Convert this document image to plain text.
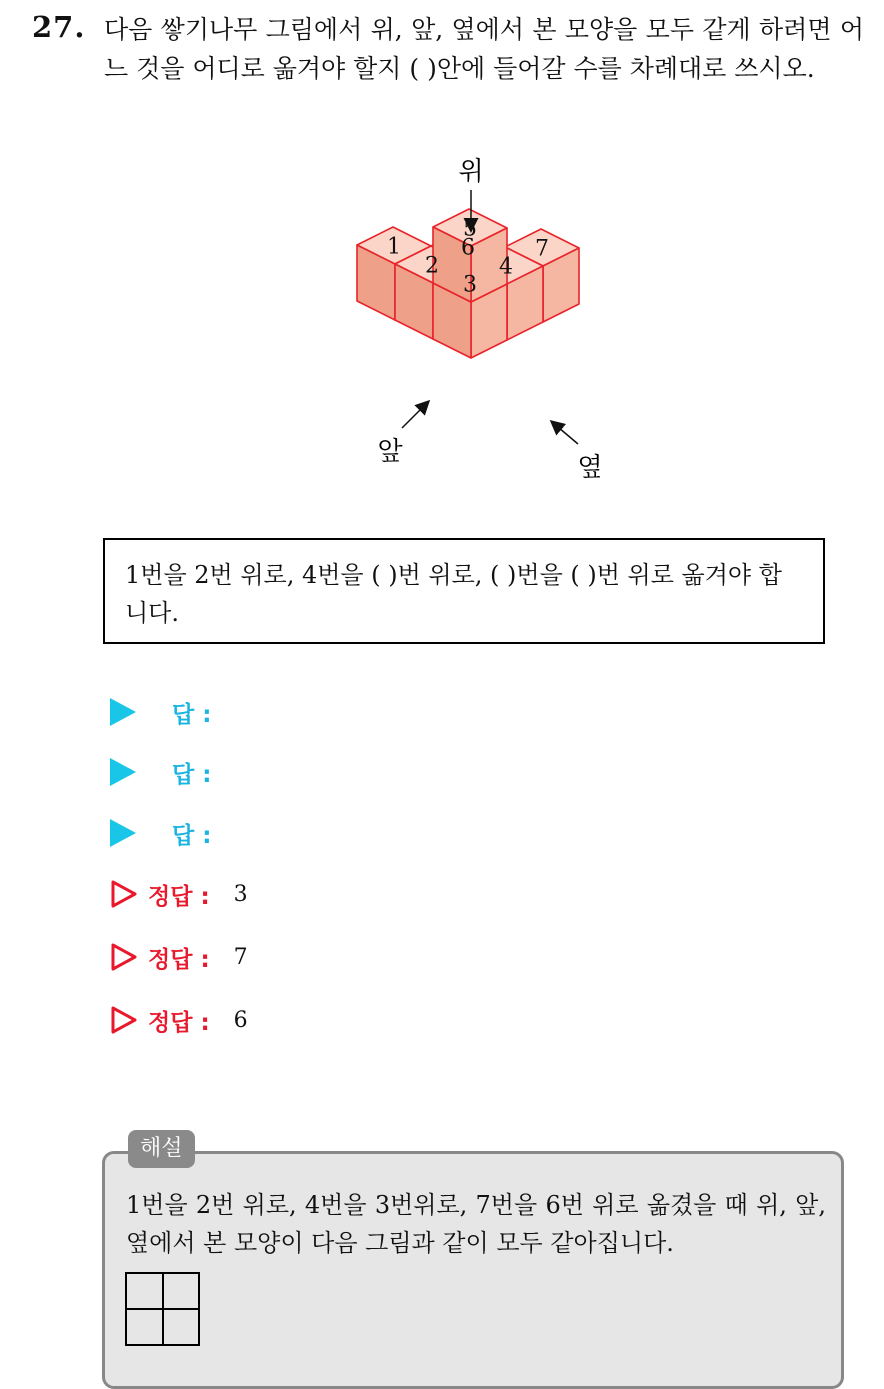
27. 다음 쌓기나무 그림에서 위, 앞, 옆에서 본 모양을 모두 같게 하려면 어느 것을 어디로 옮겨야 할지 ( )안에 들어갈 수를 차례대로 쓰시오.
7
6
1
4
2
3
5
위
앞
옆
1번을 2번 위로, 4번을 ( )번 위로, ( )번을 ( )번 위로 옮겨야 합니다.
답 :
답 :
답 :
정답 : 3
정답 : 7
정답 : 6
해설
1번을 2번 위로, 4번을 3번위로, 7번을 6번 위로 옮겼을 때 위, 앞, 옆에서 본 모양이 다음 그림과 같이 모두 같아집니다.
